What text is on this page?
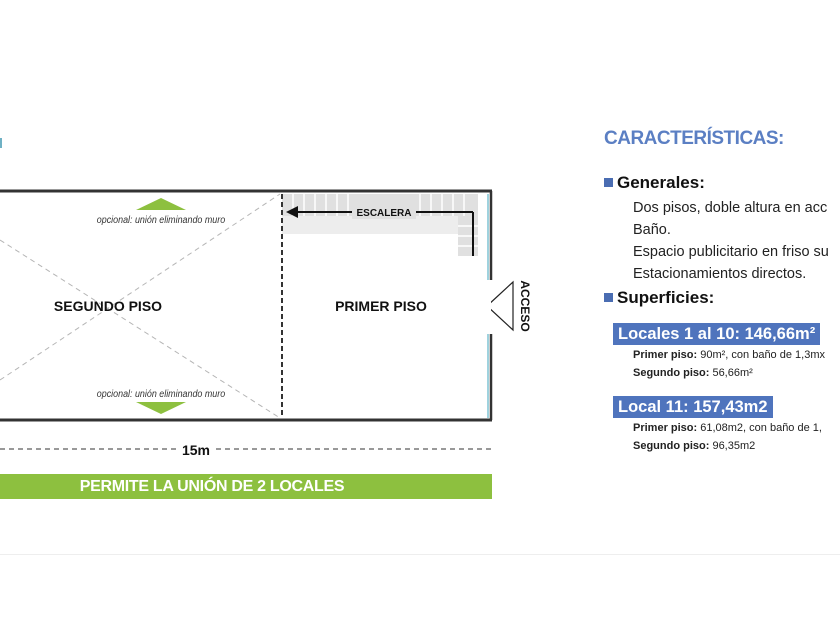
ESCALERA
opcional: unión eliminando muro
opcional: unión eliminando muro
SEGUNDO PISO	PRIMER PISO	ACCESO
15m
PERMITE LA UNIÓN DE 2 LOCALES
CARACTERÍSTICAS:
Generales:
Dos pisos, doble altura en acc
Baño.
Espacio publicitario en friso su
Estacionamientos directos.
Superficies:
Locales 1 al 10: 146,66m²
Primer piso: 90m², con baño de 1,3mx
Segundo piso: 56,66m²
Local 11: 157,43m2
Primer piso: 61,08m2, con baño de 1,
Segundo piso: 96,35m2
